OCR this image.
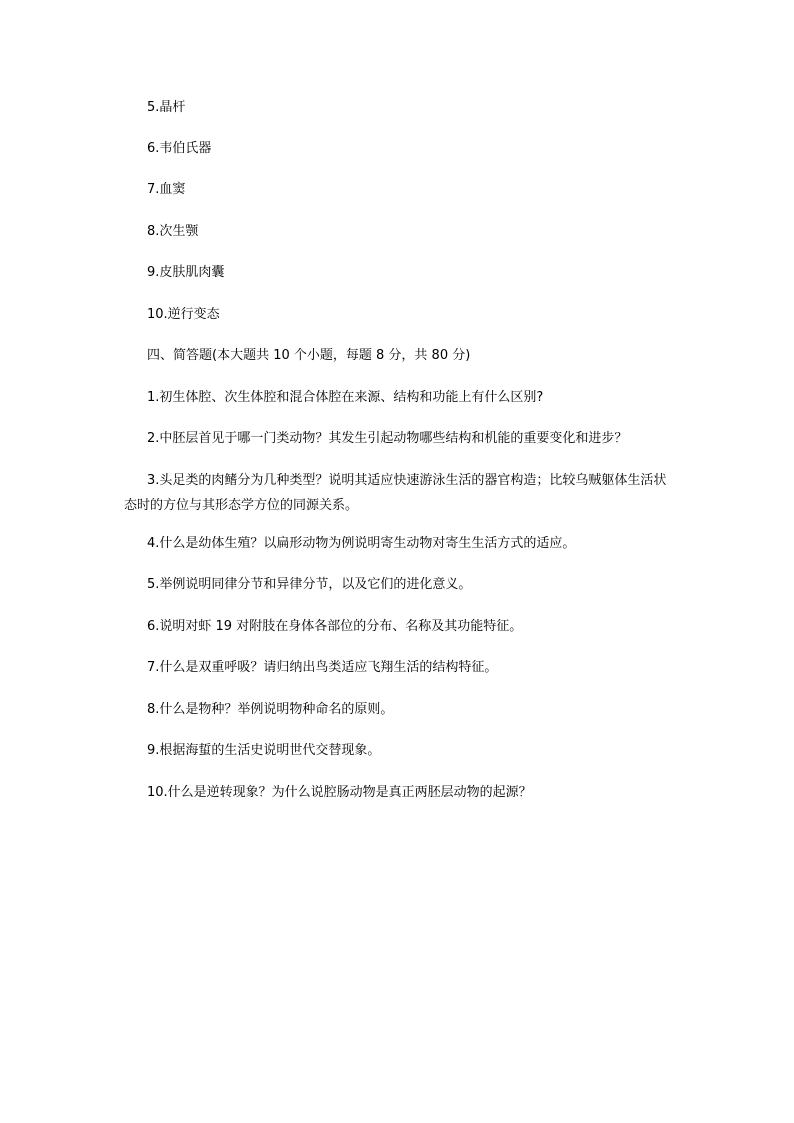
5.晶杆
6.韦伯氏器
7.血窦
8.次生颚
9.皮肤肌肉囊
10.逆行变态
四、简答题(本大题共 10 个小题，每题 8 分，共 80 分)
1.初生体腔、次生体腔和混合体腔在来源、结构和功能上有什么区别?
2.中胚层首见于哪一门类动物？其发生引起动物哪些结构和机能的重要变化和进步？
3.头足类的肉鳍分为几种类型？说明其适应快速游泳生活的器官构造；比较乌贼躯体生活状态时的方位与其形态学方位的同源关系。
4.什么是幼体生殖？以扁形动物为例说明寄生动物对寄生生活方式的适应。
5.举例说明同律分节和异律分节，以及它们的进化意义。
6.说明对虾 19 对附肢在身体各部位的分布、名称及其功能特征。
7.什么是双重呼吸？请归纳出鸟类适应飞翔生活的结构特征。
8.什么是物种？举例说明物种命名的原则。
9.根据海蜇的生活史说明世代交替现象。
10.什么是逆转现象？为什么说腔肠动物是真正两胚层动物的起源？
